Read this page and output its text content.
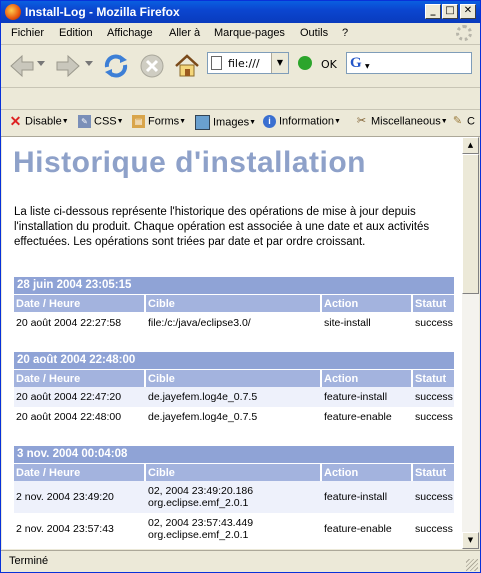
Install-Log - Mozilla Firefox	_ □ ✕
Fichier Edition Affichage Aller à Marque-pages Outils ?
file:///	▼	OK G ▼
✕ Disable▼	✎ CSS▼	▤ Forms▼	Images▼	i Information▼ ✂ Miscellaneous▼ ✎ C
Historique d'installation

La liste ci-dessous représente l'historique des opérations de mise à jour depuis l'installation du produit. Chaque opération est associée à une date et aux activités effectuées. Les opérations sont triées par date et par ordre croissant.

28 juin 2004 23:05:15
Date / Heure	Cible	Action	Statut
20 août 2004 22:27:58	file:/c:/java/eclipse3.0/	site-install	success
20 août 2004 22:48:00
Date / Heure	Cible	Action	Statut
20 août 2004 22:47:20	de.jayefem.log4e_0.7.5	feature-install	success
20 août 2004 22:48:00	de.jayefem.log4e_0.7.5	feature-enable	success
3 nov. 2004 00:04:08
Date / Heure	Cible	Action	Statut
2 nov. 2004 23:49:20	02, 2004 23:49:20.186 org.eclipse.emf_2.0.1	feature-install	success
2 nov. 2004 23:57:43	02, 2004 23:57:43.449 org.eclipse.emf_2.0.1	feature-enable	success
▲
▼
Terminé
